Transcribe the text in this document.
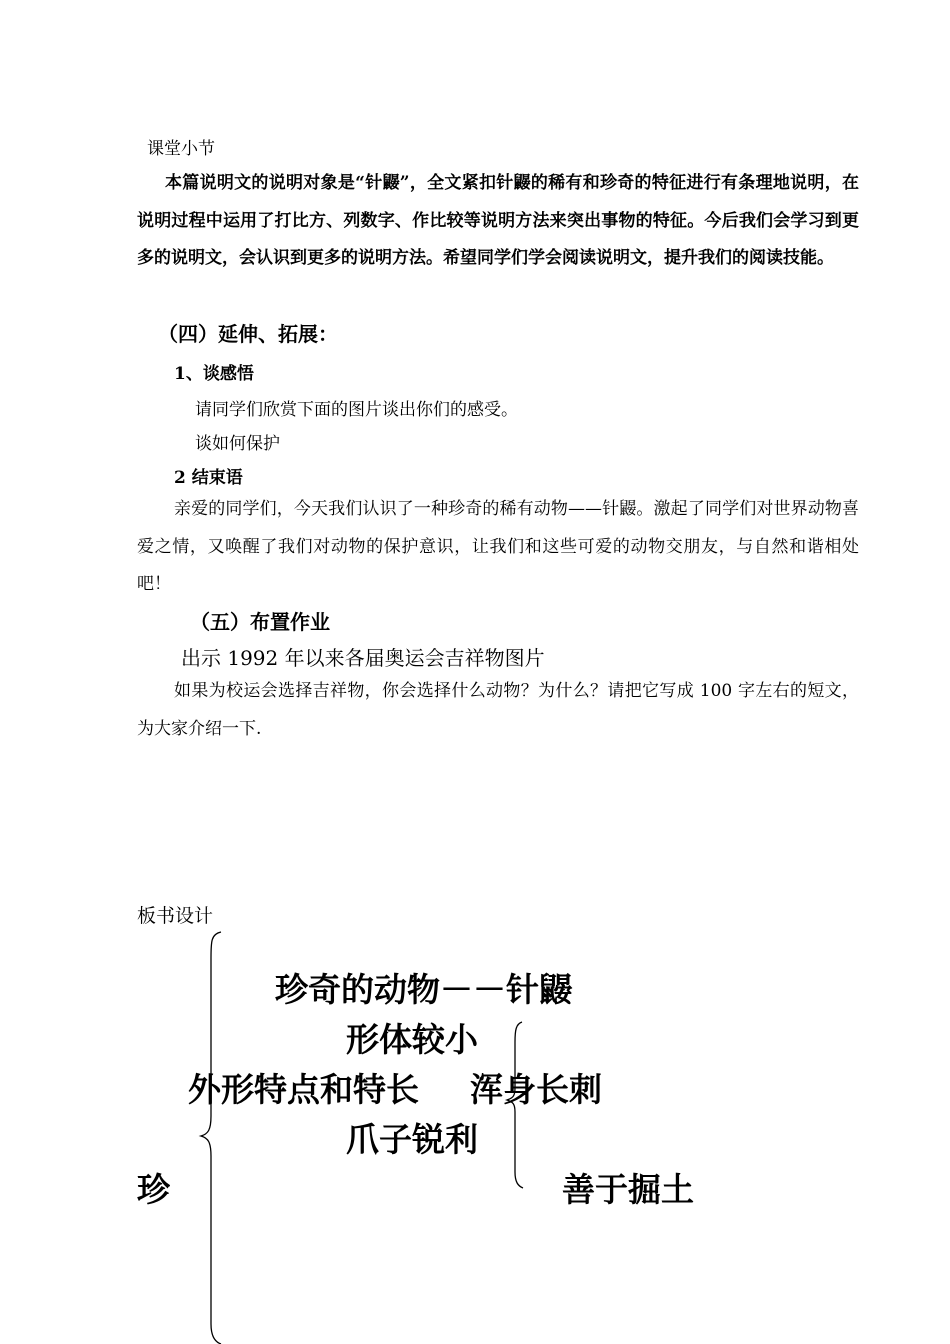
课堂小节
本篇说明文的说明对象是“针鼹”，全文紧扣针鼹的稀有和珍奇的特征进行有条理地说明，在说明过程中运用了打比方、列数字、作比较等说明方法来突出事物的特征。今后我们会学习到更多的说明文，会认识到更多的说明方法。希望同学们学会阅读说明文，提升我们的阅读技能。
（四）延伸、拓展：
1、谈感悟
请同学们欣赏下面的图片谈出你们的感受。
谈如何保护
2 结束语
亲爱的同学们，今天我们认识了一种珍奇的稀有动物——针鼹。激起了同学们对世界动物喜爱之情，又唤醒了我们对动物的保护意识，让我们和这些可爱的动物交朋友，与自然和谐相处吧！
（五）布置作业
出示 1992 年以来各届奥运会吉祥物图片
如果为校运会选择吉祥物，你会选择什么动物？为什么？请把它写成 100 字左右的短文，为大家介绍一下.
板书设计
珍奇的动物－－针鼹
形体较小
外形特点和特长 浑身长刺
爪子锐利
珍	善于掘土
